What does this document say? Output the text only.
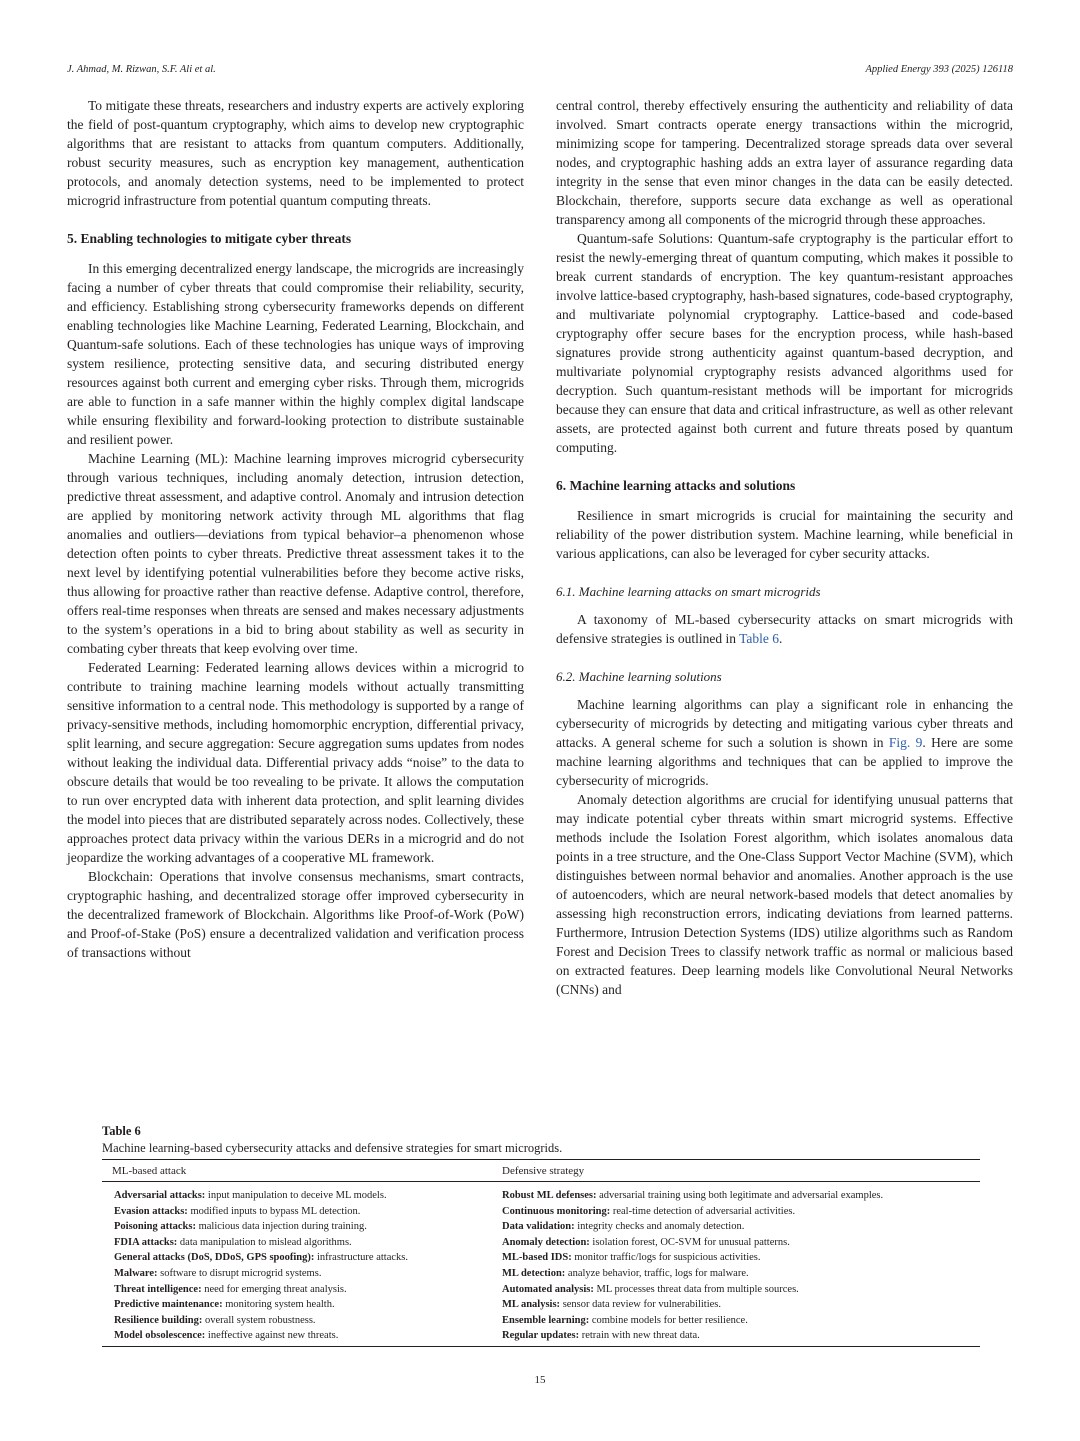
J. Ahmad, M. Rizwan, S.F. Ali et al.	Applied Energy 393 (2025) 126118

To mitigate these threats, researchers and industry experts are actively exploring the field of post-quantum cryptography, which aims to develop new cryptographic algorithms that are resistant to attacks from quantum computers. Additionally, robust security measures, such as encryption key management, authentication protocols, and anomaly detection systems, need to be implemented to protect microgrid infrastructure from potential quantum computing threats.

5. Enabling technologies to mitigate cyber threats

In this emerging decentralized energy landscape, the microgrids are increasingly facing a number of cyber threats that could compromise their reliability, security, and efficiency. Establishing strong cybersecurity frameworks depends on different enabling technologies like Machine Learning, Federated Learning, Blockchain, and Quantum-safe solutions. Each of these technologies has unique ways of improving system resilience, protecting sensitive data, and securing distributed energy resources against both current and emerging cyber risks. Through them, microgrids are able to function in a safe manner within the highly complex digital landscape while ensuring flexibility and forward-looking protection to distribute sustainable and resilient power.

Machine Learning (ML): Machine learning improves microgrid cybersecurity through various techniques, including anomaly detection, intrusion detection, predictive threat assessment, and adaptive control. Anomaly and intrusion detection are applied by monitoring network activity through ML algorithms that flag anomalies and outliers—deviations from typical behavior–a phenomenon whose detection often points to cyber threats. Predictive threat assessment takes it to the next level by identifying potential vulnerabilities before they become active risks, thus allowing for proactive rather than reactive defense. Adaptive control, therefore, offers real-time responses when threats are sensed and makes necessary adjustments to the system’s operations in a bid to bring about stability as well as security in combating cyber threats that keep evolving over time.

Federated Learning: Federated learning allows devices within a microgrid to contribute to training machine learning models without actually transmitting sensitive information to a central node. This methodology is supported by a range of privacy-sensitive methods, including homomorphic encryption, differential privacy, split learning, and secure aggregation: Secure aggregation sums updates from nodes without leaking the individual data. Differential privacy adds “noise” to the data to obscure details that would be too revealing to be private. It allows the computation to run over encrypted data with inherent data protection, and split learning divides the model into pieces that are distributed separately across nodes. Collectively, these approaches protect data privacy within the various DERs in a microgrid and do not jeopardize the working advantages of a cooperative ML framework.

Blockchain: Operations that involve consensus mechanisms, smart contracts, cryptographic hashing, and decentralized storage offer improved cybersecurity in the decentralized framework of Blockchain. Algorithms like Proof-of-Work (PoW) and Proof-of-Stake (PoS) ensure a decentralized validation and verification process of transactions without

central control, thereby effectively ensuring the authenticity and reliability of data involved. Smart contracts operate energy transactions within the microgrid, minimizing scope for tampering. Decentralized storage spreads data over several nodes, and cryptographic hashing adds an extra layer of assurance regarding data integrity in the sense that even minor changes in the data can be easily detected. Blockchain, therefore, supports secure data exchange as well as operational transparency among all components of the microgrid through these approaches.

Quantum-safe Solutions: Quantum-safe cryptography is the particular effort to resist the newly-emerging threat of quantum computing, which makes it possible to break current standards of encryption. The key quantum-resistant approaches involve lattice-based cryptography, hash-based signatures, code-based cryptography, and multivariate polynomial cryptography. Lattice-based and code-based cryptography offer secure bases for the encryption process, while hash-based signatures provide strong authenticity against quantum-based decryption, and multivariate polynomial cryptography resists advanced algorithms used for decryption. Such quantum-resistant methods will be important for microgrids because they can ensure that data and critical infrastructure, as well as other relevant assets, are protected against both current and future threats posed by quantum computing.

6. Machine learning attacks and solutions

Resilience in smart microgrids is crucial for maintaining the security and reliability of the power distribution system. Machine learning, while beneficial in various applications, can also be leveraged for cyber security attacks.

6.1. Machine learning attacks on smart microgrids

A taxonomy of ML-based cybersecurity attacks on smart microgrids with defensive strategies is outlined in Table 6.

6.2. Machine learning solutions

Machine learning algorithms can play a significant role in enhancing the cybersecurity of microgrids by detecting and mitigating various cyber threats and attacks. A general scheme for such a solution is shown in Fig. 9. Here are some machine learning algorithms and techniques that can be applied to improve the cybersecurity of microgrids.

Anomaly detection algorithms are crucial for identifying unusual patterns that may indicate potential cyber threats within smart microgrid systems. Effective methods include the Isolation Forest algorithm, which isolates anomalous data points in a tree structure, and the One-Class Support Vector Machine (SVM), which distinguishes between normal behavior and anomalies. Another approach is the use of autoencoders, which are neural network-based models that detect anomalies by assessing high reconstruction errors, indicating deviations from learned patterns. Furthermore, Intrusion Detection Systems (IDS) utilize algorithms such as Random Forest and Decision Trees to classify network traffic as normal or malicious based on extracted features. Deep learning models like Convolutional Neural Networks (CNNs) and

Table 6
Machine learning-based cybersecurity attacks and defensive strategies for smart microgrids.
ML-based attack	Defensive strategy
Adversarial attacks: input manipulation to deceive ML models.	Robust ML defenses: adversarial training using both legitimate and adversarial examples.
Evasion attacks: modified inputs to bypass ML detection.	Continuous monitoring: real-time detection of adversarial activities.
Poisoning attacks: malicious data injection during training.	Data validation: integrity checks and anomaly detection.
FDIA attacks: data manipulation to mislead algorithms.	Anomaly detection: isolation forest, OC-SVM for unusual patterns.
General attacks (DoS, DDoS, GPS spoofing): infrastructure attacks.	ML-based IDS: monitor traffic/logs for suspicious activities.
Malware: software to disrupt microgrid systems.	ML detection: analyze behavior, traffic, logs for malware.
Threat intelligence: need for emerging threat analysis.	Automated analysis: ML processes threat data from multiple sources.
Predictive maintenance: monitoring system health.	ML analysis: sensor data review for vulnerabilities.
Resilience building: overall system robustness.	Ensemble learning: combine models for better resilience.
Model obsolescence: ineffective against new threats.	Regular updates: retrain with new threat data.
15
